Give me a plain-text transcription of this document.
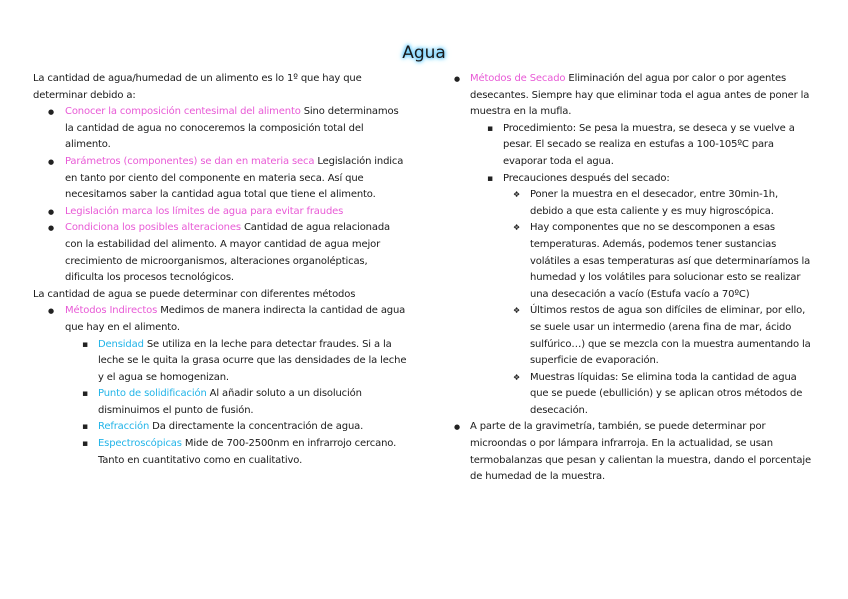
Agua

La cantidad de agua/humedad de un alimento es lo 1º que hay que determinar debido a:

● Conocer la composición centesimal del alimento Sino determinamos la cantidad de agua no conoceremos la composición total del alimento.
● Parámetros (componentes) se dan en materia seca Legislación indica en tanto por ciento del componente en materia seca. Así que necesitamos saber la cantidad agua total que tiene el alimento.
● Legislación marca los límites de agua para evitar fraudes
● Condiciona los posibles alteraciones Cantidad de agua relacionada con la estabilidad del alimento. A mayor cantidad de agua mejor crecimiento de microorganismos, alteraciones organolépticas, dificulta los procesos tecnológicos.

La cantidad de agua se puede determinar con diferentes métodos

● Métodos Indirectos Medimos de manera indirecta la cantidad de agua que hay en el alimento.
▪ Densidad Se utiliza en la leche para detectar fraudes. Si a la leche se le quita la grasa ocurre que las densidades de la leche y el agua se homogenizan.
▪ Punto de solidificación Al añadir soluto a un disolución disminuimos el punto de fusión.
▪ Refracción Da directamente la concentración de agua.
▪ Espectroscópicas Mide de 700-2500nm en infrarrojo cercano. Tanto en cuantitativo como en cualitativo.
● Métodos de Secado Eliminación del agua por calor o por agentes desecantes. Siempre hay que eliminar toda el agua antes de poner la muestra en la mufla.
▪ Procedimiento: Se pesa la muestra, se deseca y se vuelve a pesar. El secado se realiza en estufas a 100-105ºC para evaporar toda el agua.
▪ Precauciones después del secado:
❖ Poner la muestra en el desecador, entre 30min-1h, debido a que esta caliente y es muy higroscópica.
❖ Hay componentes que no se descomponen a esas temperaturas. Además, podemos tener sustancias volátiles a esas temperaturas así que determinaríamos la humedad y los volátiles para solucionar esto se realizar una desecación a vacío (Estufa vacío a 70ºC)
❖ Últimos restos de agua son difíciles de eliminar, por ello, se suele usar un intermedio (arena fina de mar, ácido sulfúrico…) que se mezcla con la muestra aumentando la superficie de evaporación.
❖ Muestras líquidas: Se elimina toda la cantidad de agua que se puede (ebullición) y se aplican otros métodos de desecación.
● A parte de la gravimetría, también, se puede determinar por microondas o por lámpara infrarroja. En la actualidad, se usan termobalanzas que pesan y calientan la muestra, dando el porcentaje de humedad de la muestra.
